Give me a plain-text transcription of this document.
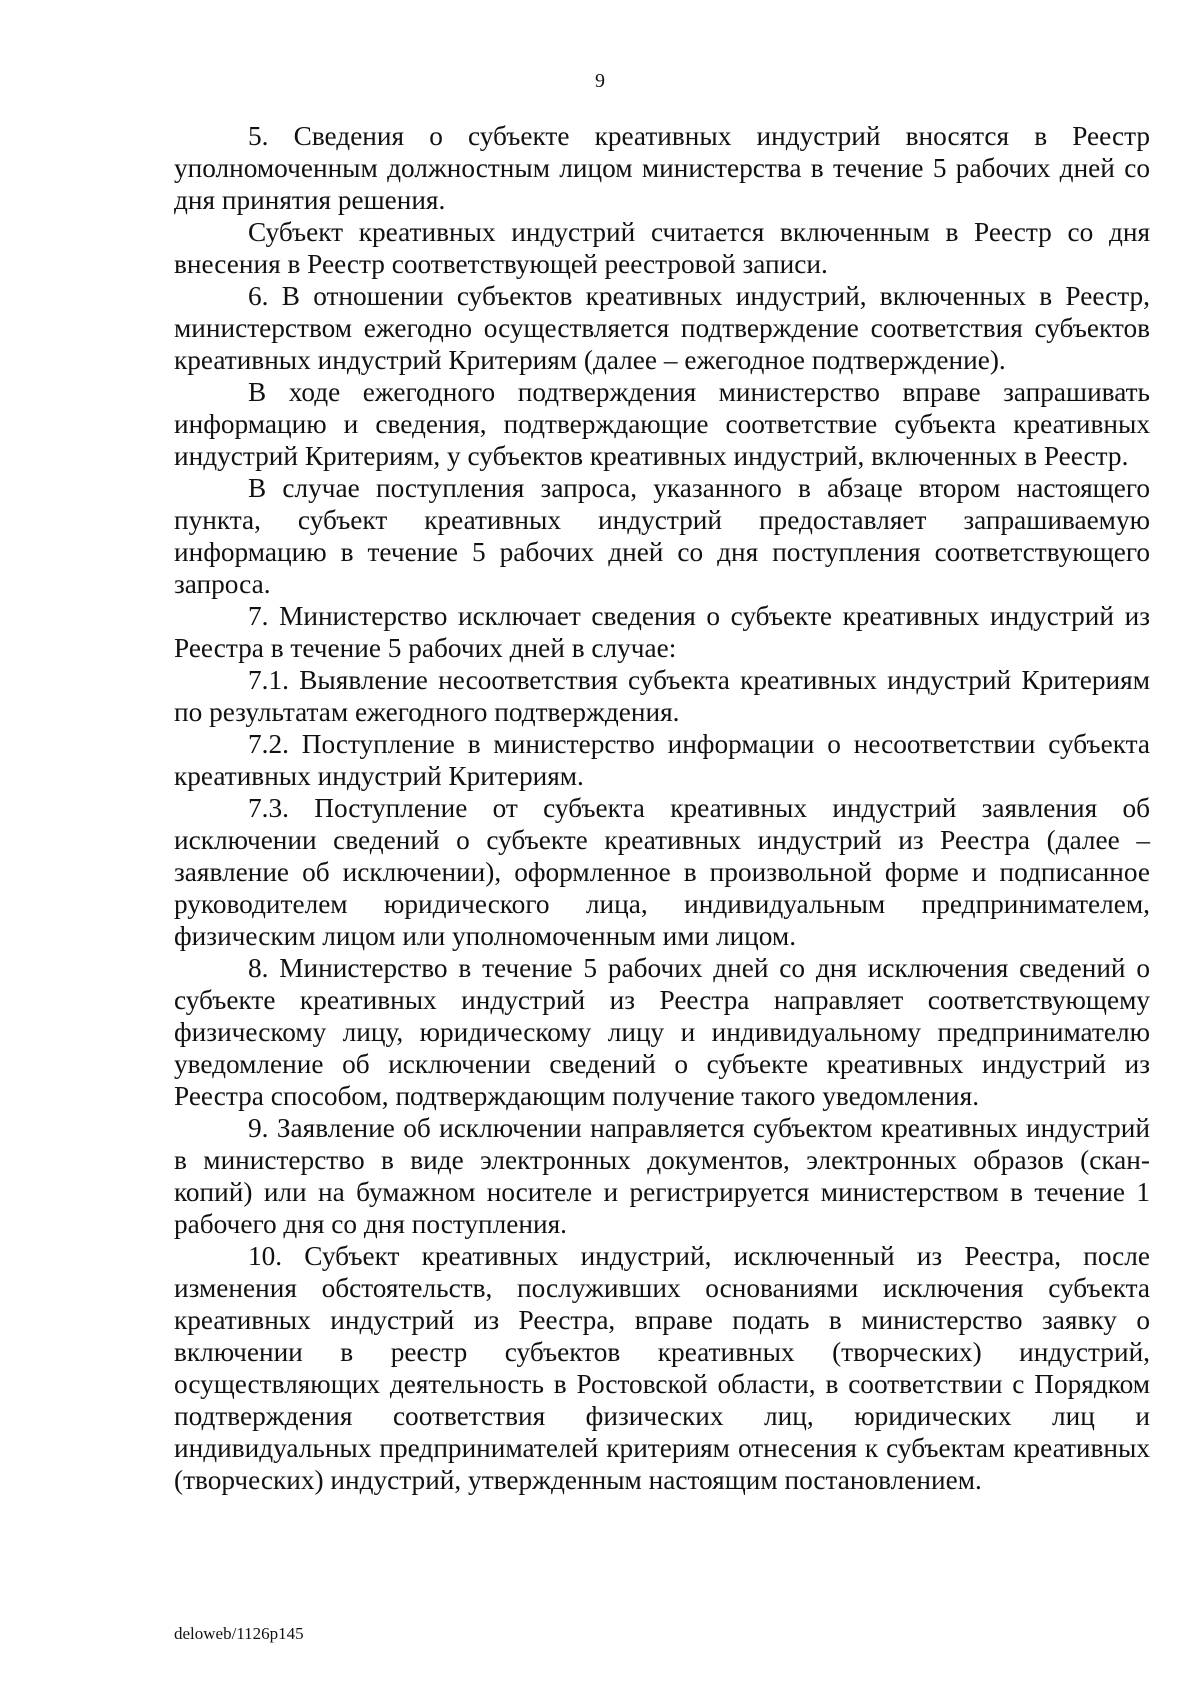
9

5. Сведения о субъекте креативных индустрий вносятся в Реестр уполномоченным должностным лицом министерства в течение 5 рабочих дней со дня принятия решения.

Субъект креативных индустрий считается включенным в Реестр со дня внесения в Реестр соответствующей реестровой записи.

6. В отношении субъектов креативных индустрий, включенных в Реестр, министерством ежегодно осуществляется подтверждение соответствия субъектов креативных индустрий Критериям (далее – ежегодное подтверждение).

В ходе ежегодного подтверждения министерство вправе запрашивать информацию и сведения, подтверждающие соответствие субъекта креативных индустрий Критериям, у субъектов креативных индустрий, включенных в Реестр.

В случае поступления запроса, указанного в абзаце втором настоящего пункта, субъект креативных индустрий предоставляет запрашиваемую информацию в течение 5 рабочих дней со дня поступления соответствующего запроса.

7. Министерство исключает сведения о субъекте креативных индустрий из Реестра в течение 5 рабочих дней в случае:

7.1. Выявление несоответствия субъекта креативных индустрий Критериям по результатам ежегодного подтверждения.

7.2. Поступление в министерство информации о несоответствии субъекта креативных индустрий Критериям.

7.3. Поступление от субъекта креативных индустрий заявления об исключении сведений о субъекте креативных индустрий из Реестра (далее – заявление об исключении), оформленное в произвольной форме и подписанное руководителем юридического лица, индивидуальным предпринимателем, физическим лицом или уполномоченным ими лицом.

8. Министерство в течение 5 рабочих дней со дня исключения сведений о субъекте креативных индустрий из Реестра направляет соответствующему физическому лицу, юридическому лицу и индивидуальному предпринимателю уведомление об исключении сведений о субъекте креативных индустрий из Реестра способом, подтверждающим получение такого уведомления.

9. Заявление об исключении направляется субъектом креативных индустрий в министерство в виде электронных документов, электронных образов (скан-копий) или на бумажном носителе и регистрируется министерством в течение 1 рабочего дня со дня поступления.

10. Субъект креативных индустрий, исключенный из Реестра, после изменения обстоятельств, послуживших основаниями исключения субъекта креативных индустрий из Реестра, вправе подать в министерство заявку о включении в реестр субъектов креативных (творческих) индустрий, осуществляющих деятельность в Ростовской области, в соответствии с Порядком подтверждения соответствия физических лиц, юридических лиц и индивидуальных предпринимателей критериям отнесения к субъектам креативных (творческих) индустрий, утвержденным настоящим постановлением.

deloweb/1126p145
